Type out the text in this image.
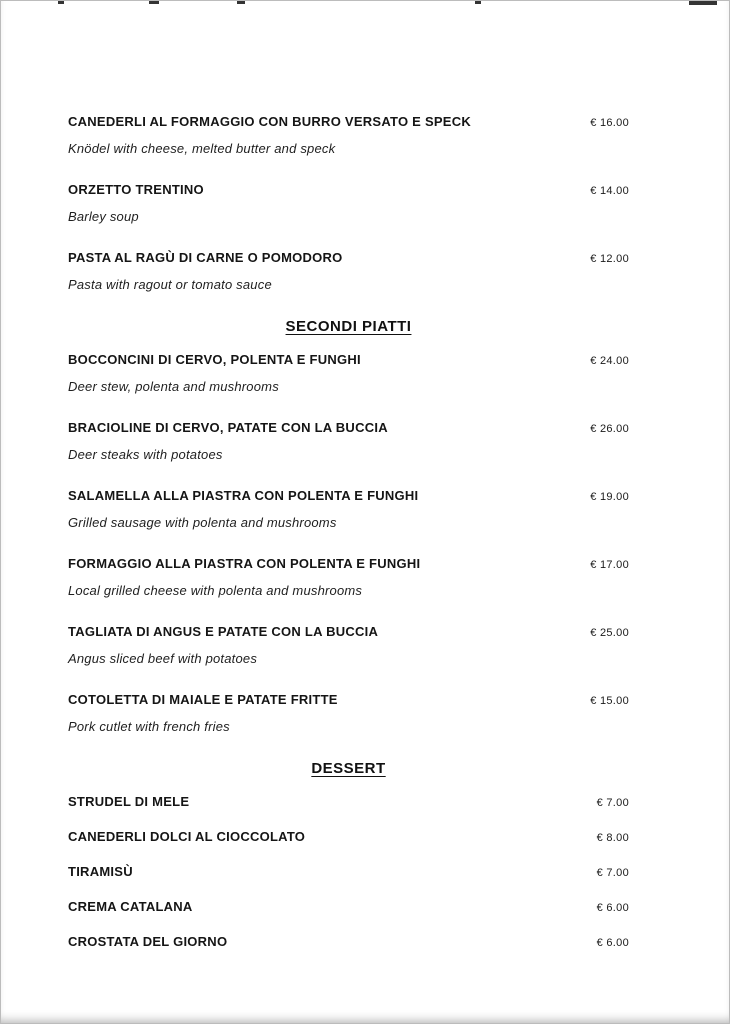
CANEDERLI AL FORMAGGIO CON BURRO VERSATO E SPECK	€ 16.00
Knödel with cheese, melted butter and speck
ORZETTO TRENTINO	€ 14.00
Barley soup
PASTA AL RAGÙ DI CARNE O POMODORO	€ 12.00
Pasta with ragout or tomato sauce
SECONDI PIATTI
BOCCONCINI DI CERVO, POLENTA E FUNGHI	€ 24.00
Deer stew, polenta and mushrooms
BRACIOLINE DI CERVO, PATATE CON LA BUCCIA	€ 26.00
Deer steaks with potatoes
SALAMELLA ALLA PIASTRA CON POLENTA E FUNGHI	€ 19.00
Grilled sausage with polenta and mushrooms
FORMAGGIO ALLA PIASTRA CON POLENTA E FUNGHI	€ 17.00
Local grilled cheese with polenta and mushrooms
TAGLIATA DI ANGUS E PATATE CON LA BUCCIA	€ 25.00
Angus sliced beef with potatoes
COTOLETTA DI MAIALE E PATATE FRITTE	€ 15.00
Pork cutlet with french fries
DESSERT
STRUDEL DI MELE	€ 7.00
CANEDERLI DOLCI AL CIOCCOLATO	€ 8.00
TIRAMISÙ	€ 7.00
CREMA CATALANA	€ 6.00
CROSTATA DEL GIORNO	€ 6.00
